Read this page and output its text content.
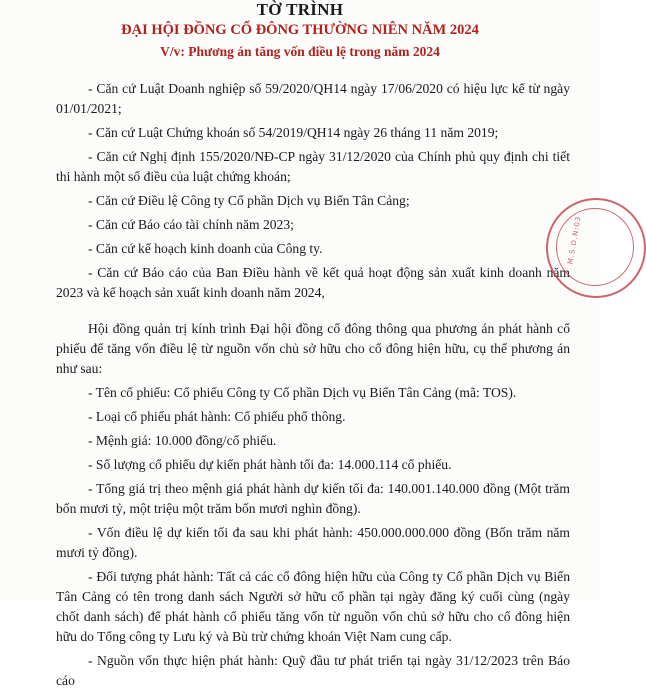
TỜ TRÌNH
ĐẠI HỘI ĐỒNG CỔ ĐÔNG THƯỜNG NIÊN NĂM 2024
V/v: Phương án tăng vốn điều lệ trong năm 2024

- Căn cứ Luật Doanh nghiệp số 59/2020/QH14 ngày 17/06/2020 có hiệu lực kể từ ngày 01/01/2021;

- Căn cứ Luật Chứng khoán số 54/2019/QH14 ngày 26 tháng 11 năm 2019;

- Căn cứ Nghị định 155/2020/NĐ-CP ngày 31/12/2020 của Chính phủ quy định chi tiết thi hành một số điều của luật chứng khoán;

- Căn cứ Điều lệ Công ty Cổ phần Dịch vụ Biển Tân Cảng;

- Căn cứ Báo cáo tài chính năm 2023;

- Căn cứ kế hoạch kinh doanh của Công ty.

- Căn cứ Báo cáo của Ban Điều hành về kết quả hoạt động sản xuất kinh doanh năm 2023 và kế hoạch sản xuất kinh doanh năm 2024,

Hội đồng quản trị kính trình Đại hội đồng cổ đông thông qua phương án phát hành cổ phiếu để tăng vốn điều lệ từ nguồn vốn chủ sở hữu cho cổ đông hiện hữu, cụ thể phương án như sau:

- Tên cổ phiếu: Cổ phiếu Công ty Cổ phần Dịch vụ Biển Tân Cảng (mã: TOS).

- Loại cổ phiếu phát hành: Cổ phiếu phổ thông.

- Mệnh giá: 10.000 đồng/cổ phiếu.

- Số lượng cổ phiếu dự kiến phát hành tối đa: 14.000.114 cổ phiếu.

- Tổng giá trị theo mệnh giá phát hành dự kiến tối đa: 140.001.140.000 đồng (Một trăm bốn mươi tỷ, một triệu một trăm bốn mươi nghìn đồng).

- Vốn điều lệ dự kiến tối đa sau khi phát hành: 450.000.000.000 đồng (Bốn trăm năm mươi tỷ đồng).

- Đối tượng phát hành: Tất cả các cổ đông hiện hữu của Công ty Cổ phần Dịch vụ Biển Tân Cảng có tên trong danh sách Người sở hữu cổ phần tại ngày đăng ký cuối cùng (ngày chốt danh sách) để phát hành cổ phiếu tăng vốn từ nguồn vốn chủ sở hữu cho cổ đông hiện hữu do Tổng công ty Lưu ký và Bù trừ chứng khoán Việt Nam cung cấp.

- Nguồn vốn thực hiện phát hành: Quỹ đầu tư phát triển tại ngày 31/12/2023 trên Báo cáo

M.S.D.N:03
